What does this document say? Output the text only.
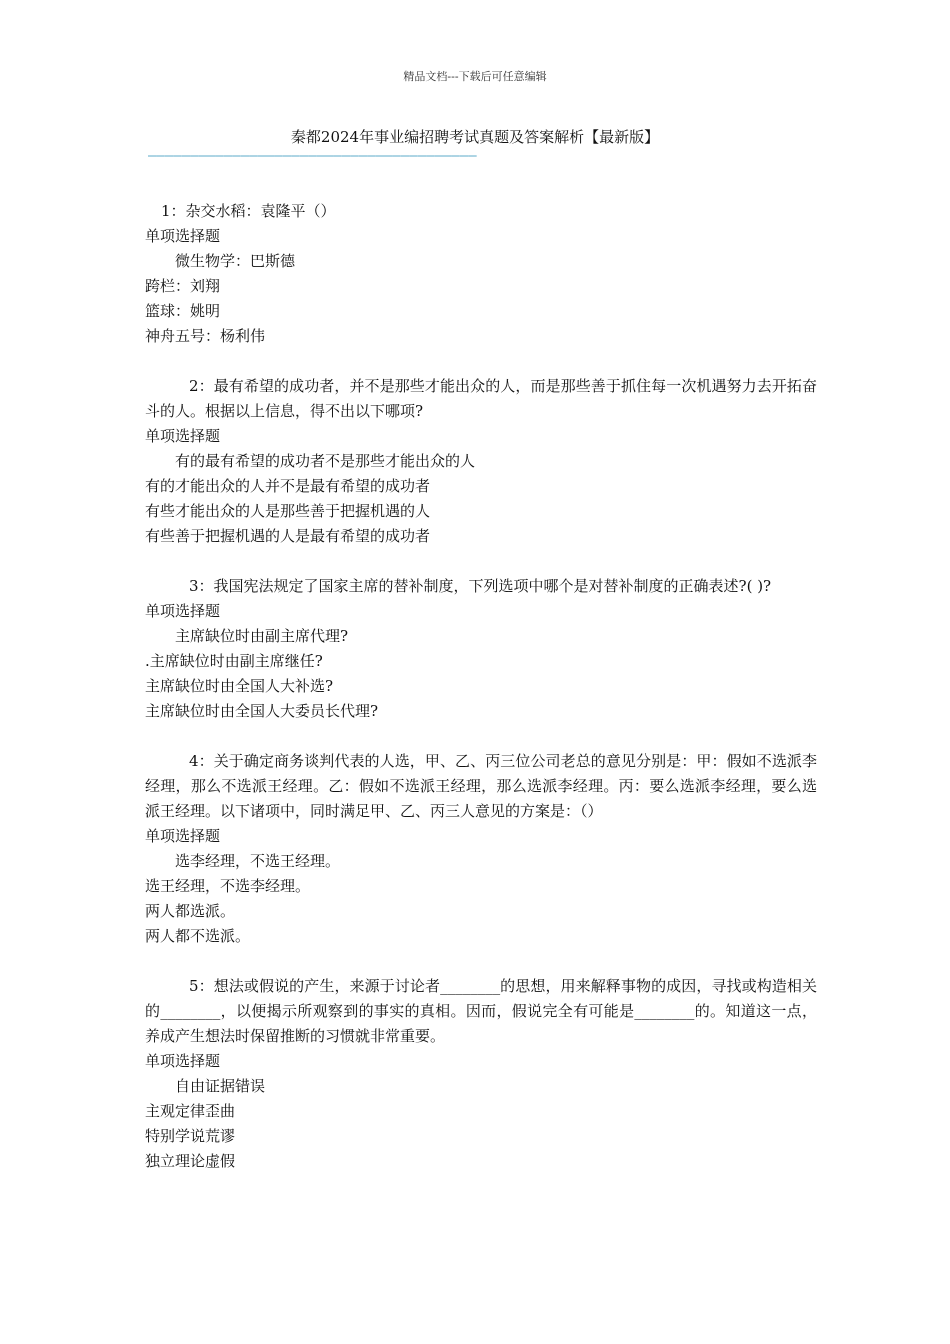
精品文档---下载后可任意编辑
秦都2024年事业编招聘考试真题及答案解析【最新版】
———————————————————————————————————————
1：杂交水稻：袁隆平（）
单项选择题
微生物学：巴斯德
跨栏：刘翔
篮球：姚明
神舟五号：杨利伟
2：最有希望的成功者，并不是那些才能出众的人，而是那些善于抓住每一次机遇努力去开拓奋斗的人。根据以上信息，得不出以下哪项?
单项选择题
有的最有希望的成功者不是那些才能出众的人
有的才能出众的人并不是最有希望的成功者
有些才能出众的人是那些善于把握机遇的人
有些善于把握机遇的人是最有希望的成功者
3：我国宪法规定了国家主席的替补制度，下列选项中哪个是对替补制度的正确表述?( )?
单项选择题
主席缺位时由副主席代理?
.主席缺位时由副主席继任?
主席缺位时由全国人大补选?
主席缺位时由全国人大委员长代理?
4：关于确定商务谈判代表的人选，甲、乙、丙三位公司老总的意见分别是：甲：假如不选派李经理，那么不选派王经理。乙：假如不选派王经理，那么选派李经理。丙：要么选派李经理，要么选派王经理。以下诸项中，同时满足甲、乙、丙三人意见的方案是：（）
单项选择题
选李经理，不选王经理。
选王经理，不选李经理。
两人都选派。
两人都不选派。
5：想法或假说的产生，来源于讨论者________的思想，用来解释事物的成因，寻找或构造相关的________，以便揭示所观察到的事实的真相。因而，假说完全有可能是________的。知道这一点，养成产生想法时保留推断的习惯就非常重要。
单项选择题
自由证据错误
主观定律歪曲
特别学说荒谬
独立理论虚假
